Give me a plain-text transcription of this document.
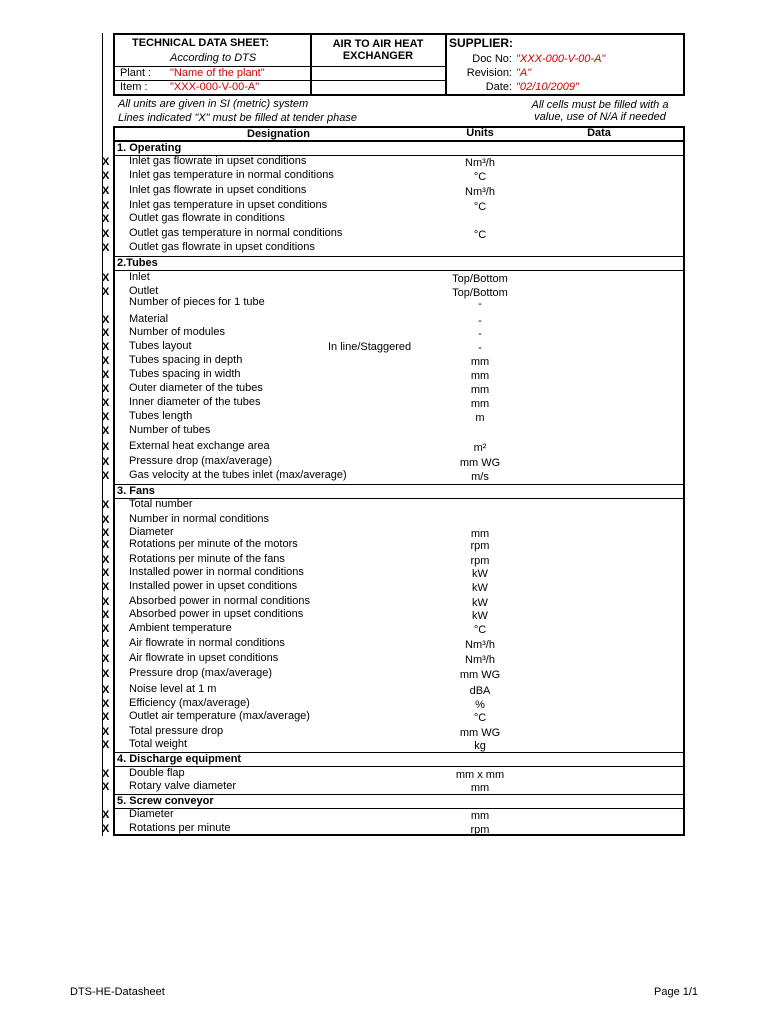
TECHNICAL DATA SHEET:
According to DTS
AIR TO AIR HEAT
EXCHANGER
Plant : "Name of the plant"
Item : "XXX-000-V-00-A"
SUPPLIER:
Doc No: "XXX-000-V-00-A"
Revision: "A"
Date: "02/10/2009"
All units are given in SI (metric) system
Lines indicated "X" must be filled at tender phase
All cells must be filled with a
value, use of N/A if needed
Designation	Units	Data
1. Operating
X Inlet gas flowrate in upset conditions	Nm³/h
X Inlet gas temperature in normal conditions	°C
X Inlet gas flowrate in upset conditions	Nm³/h
X Inlet gas temperature in upset conditions	°C
X Outlet gas flowrate in conditions
X Outlet gas temperature in normal conditions	°C
X Outlet gas flowrate in upset conditions
2.Tubes
X Inlet	Top/Bottom
X Outlet	Top/Bottom
Number of pieces for 1 tube	-
X Material	-
X Number of modules	-
X Tubes layout	In line/Staggered	-
X Tubes spacing in depth	mm
X Tubes spacing in width	mm
X Outer diameter of the tubes	mm
X Inner diameter of the tubes	mm
X Tubes length	m
X Number of tubes
X External heat exchange area	m²
X Pressure drop (max/average)	mm WG
X Gas velocity at the tubes inlet (max/average)	m/s
3. Fans
X Total number
X Number in normal conditions
X Diameter	mm
X Rotations per minute of the motors	rpm
X Rotations per minute of the fans	rpm
X Installed power in normal conditions	kW
X Installed power in upset conditions	kW
X Absorbed power in normal conditions	kW
X Absorbed power in upset conditions	kW
X Ambient temperature	°C
X Air flowrate in normal conditions	Nm³/h
X Air flowrate in upset conditions	Nm³/h
X Pressure drop (max/average)	mm WG
X Noise level at 1 m	dBA
X Efficiency (max/average)	%
X Outlet air temperature (max/average)	°C
X Total pressure drop	mm WG
X Total weight	kg
4. Discharge equipment
X Double flap	mm x mm
X Rotary valve diameter	mm
5. Screw conveyor
X Diameter	mm
X Rotations per minute	rpm
DTS-HE-Datasheet	Page 1/1
